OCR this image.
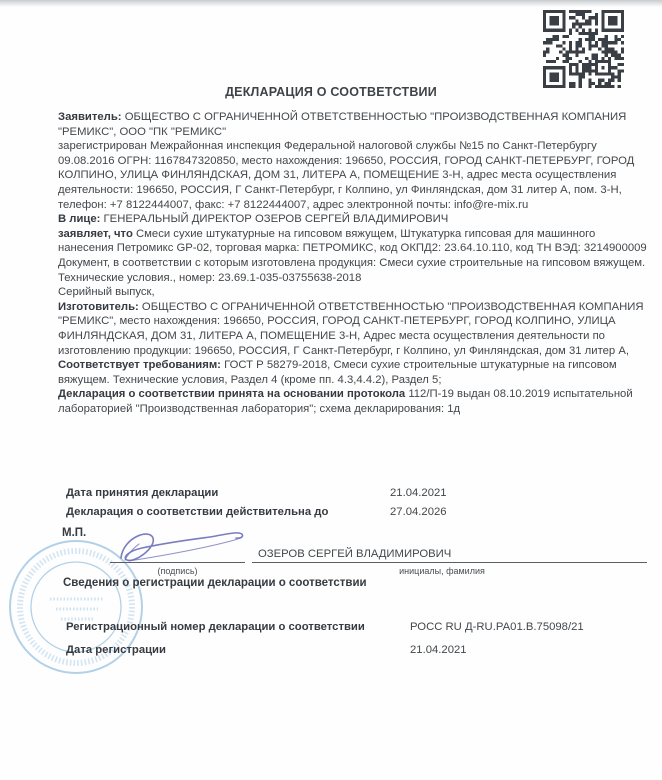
ДЕКЛАРАЦИЯ О СООТВЕТСТВИИ

Заявитель: ОБЩЕСТВО С ОГРАНИЧЕННОЙ ОТВЕТСТВЕННОСТЬЮ "ПРОИЗВОДСТВЕННАЯ КОМПАНИЯ "РЕМИКС", ООО "ПК "РЕМИКС"

зарегистрирован Межрайонная инспекция Федеральной налоговой службы №15 по Санкт-Петербургу 09.08.2016 ОГРН: 1167847320850, место нахождения: 196650, РОССИЯ, ГОРОД САНКТ-ПЕТЕРБУРГ, ГОРОД КОЛПИНО, УЛИЦА ФИНЛЯНДСКАЯ, ДОМ 31, ЛИТЕРА А, ПОМЕЩЕНИЕ 3-Н, адрес места осуществления деятельности: 196650, РОССИЯ, Г Санкт-Петербург, г Колпино, ул Финляндская, дом 31 литер А, пом. 3-Н, телефон: +7 8122444007, факс: +7 8122444007, адрес электронной почты: info@re-mix.ru

В лице: ГЕНЕРАЛЬНЫЙ ДИРЕКТОР ОЗЕРОВ СЕРГЕЙ ВЛАДИМИРОВИЧ

заявляет, что Смеси сухие штукатурные на гипсовом вяжущем, Штукатурка гипсовая для машинного нанесения Петромикс GP-02, торговая марка: ПЕТРОМИКС, код ОКПД2: 23.64.10.110, код ТН ВЭД: 3214900009

Документ, в соответствии с которым изготовлена продукция: Смеси сухие строительные на гипсовом вяжущем. Технические условия., номер: 23.69.1-035-03755638-2018

Серийный выпуск,

Изготовитель: ОБЩЕСТВО С ОГРАНИЧЕННОЙ ОТВЕТСТВЕННОСТЬЮ "ПРОИЗВОДСТВЕННАЯ КОМПАНИЯ "РЕМИКС", место нахождения: 196650, РОССИЯ, ГОРОД САНКТ-ПЕТЕРБУРГ, ГОРОД КОЛПИНО, УЛИЦА ФИНЛЯНДСКАЯ, ДОМ 31, ЛИТЕРА А, ПОМЕЩЕНИЕ 3-Н, Адрес места осуществления деятельности по изготовлению продукции: 196650, РОССИЯ, Г Санкт-Петербург, г Колпино, ул Финляндская, дом 31 литер А,

Соответствует требованиям: ГОСТ Р 58279-2018, Смеси сухие строительные штукатурные на гипсовом вяжущем. Технические условия, Раздел 4 (кроме пп. 4.3,4.4.2), Раздел 5;

Декларация о соответствии принята на основании протокола 112/П-19 выдан 08.10.2019 испытательной лабораторией "Производственная лаборатория"; схема декларирования: 1д

Дата принятия декларации	21.04.2021
Декларация о соответствии действительна до	27.04.2026
М.П.
(подпись)
ОЗЕРОВ СЕРГЕЙ ВЛАДИМИРОВИЧ
инициалы, фамилия
Сведения о регистрации декларации о соответствии
Регистрационный номер декларации о соответствии	РОСС RU Д-RU.РА01.В.75098/21
Дата регистрации	21.04.2021
